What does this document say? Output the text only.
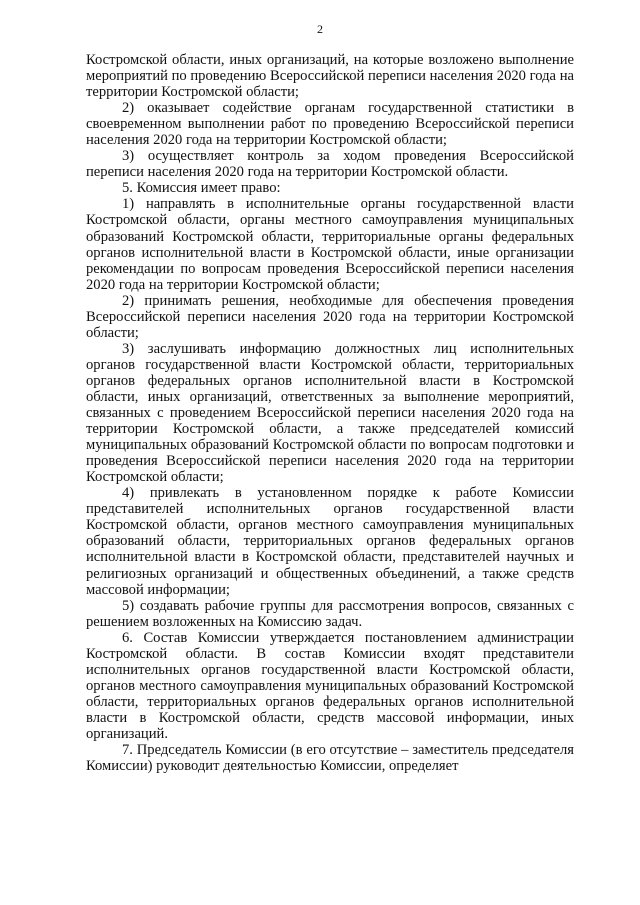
2

Костромской области, иных организаций, на которые возложено выполнение мероприятий по проведению Всероссийской переписи населения 2020 года на территории Костромской области;

2) оказывает содействие органам государственной статистики в своевременном выполнении работ по проведению Всероссийской переписи населения 2020 года на территории Костромской области;

3) осуществляет контроль за ходом проведения Всероссийской переписи населения 2020 года на территории Костромской области.

5. Комиссия имеет право:

1) направлять в исполнительные органы государственной власти Костромской области, органы местного самоуправления муниципальных образований Костромской области, территориальные органы федеральных органов исполнительной власти в Костромской области, иные организации рекомендации по вопросам проведения Всероссийской переписи населения 2020 года на территории Костромской области;

2) принимать решения, необходимые для обеспечения проведения Всероссийской переписи населения 2020 года на территории Костромской области;

3) заслушивать информацию должностных лиц исполнительных органов государственной власти Костромской области, территориальных органов федеральных органов исполнительной власти в Костромской области, иных организаций, ответственных за выполнение мероприятий, связанных с проведением Всероссийской переписи населения 2020 года на территории Костромской области, а также председателей комиссий муниципальных образований Костромской области по вопросам подготовки и проведения Всероссийской переписи населения 2020 года на территории Костромской области;

4) привлекать в установленном порядке к работе Комиссии представителей исполнительных органов государственной власти Костромской области, органов местного самоуправления муниципальных образований области, территориальных органов федеральных органов исполнительной власти в Костромской области, представителей научных и религиозных организаций и общественных объединений, а также средств массовой информации;

5) создавать рабочие группы для рассмотрения вопросов, связанных с решением возложенных на Комиссию задач.

6. Состав Комиссии утверждается постановлением администрации Костромской области. В состав Комиссии входят представители исполнительных органов государственной власти Костромской области, органов местного самоуправления муниципальных образований Костромской области, территориальных органов федеральных органов исполнительной власти в Костромской области, средств массовой информации, иных организаций.

7. Председатель Комиссии (в его отсутствие – заместитель председателя Комиссии) руководит деятельностью Комиссии, определяет
